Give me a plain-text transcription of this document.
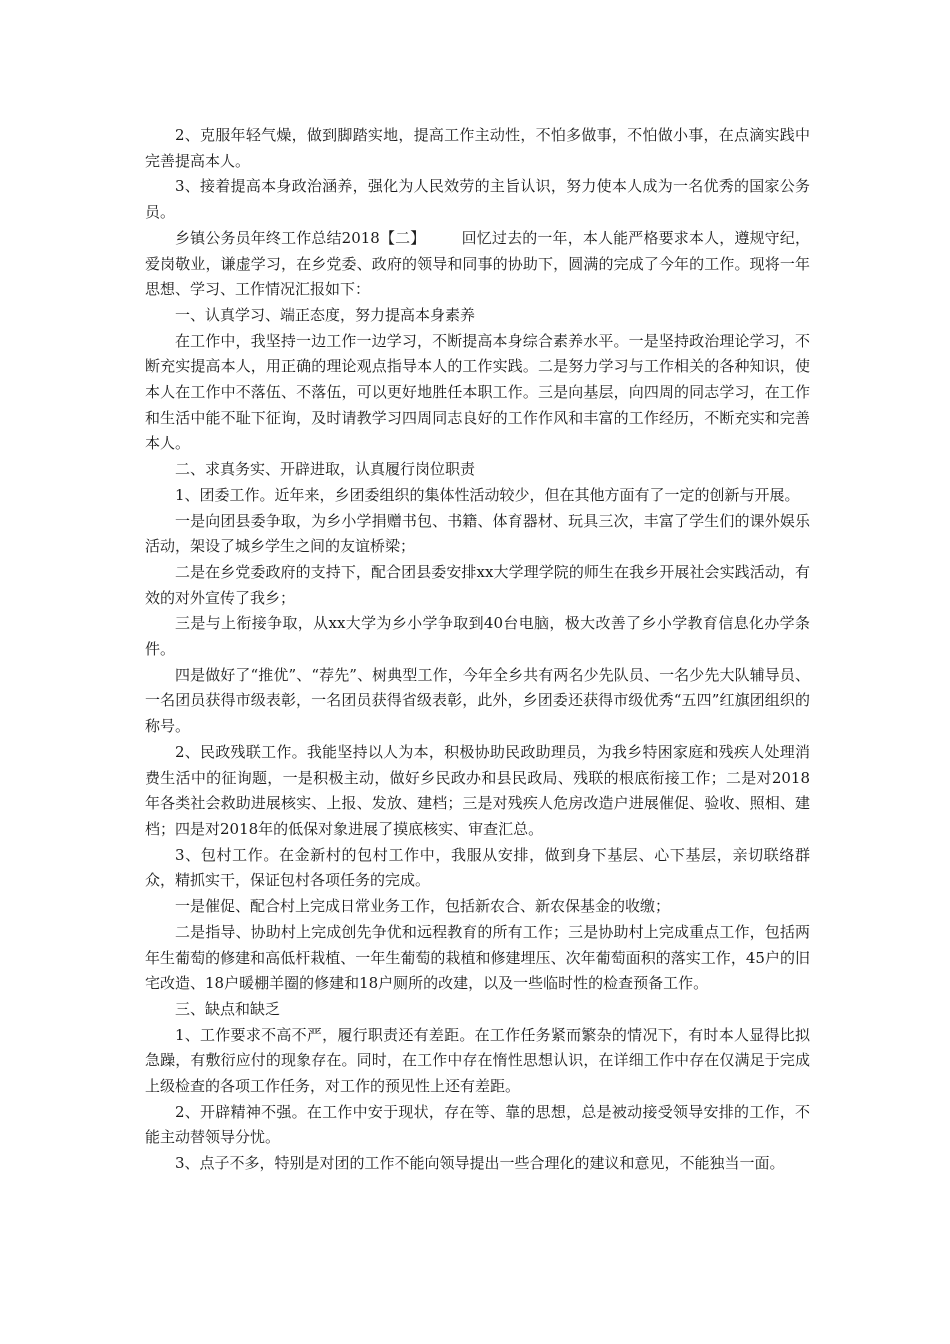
2、克服年轻气燥，做到脚踏实地，提高工作主动性，不怕多做事，不怕做小事，在点滴实践中完善提高本人。

3、接着提高本身政治涵养，强化为人民效劳的主旨认识，努力使本人成为一名优秀的国家公务员。

乡镇公务员年终工作总结2018【二】 回忆过去的一年，本人能严格要求本人，遵规守纪，爱岗敬业，谦虚学习，在乡党委、政府的领导和同事的协助下，圆满的完成了今年的工作。现将一年思想、学习、工作情况汇报如下：

一、认真学习、端正态度，努力提高本身素养

在工作中，我坚持一边工作一边学习，不断提高本身综合素养水平。一是坚持政治理论学习，不断充实提高本人，用正确的理论观点指导本人的工作实践。二是努力学习与工作相关的各种知识，使本人在工作中不落伍、不落伍，可以更好地胜任本职工作。三是向基层，向四周的同志学习，在工作和生活中能不耻下征询，及时请教学习四周同志良好的工作作风和丰富的工作经历，不断充实和完善本人。

二、求真务实、开辟进取，认真履行岗位职责

1、团委工作。近年来，乡团委组织的集体性活动较少，但在其他方面有了一定的创新与开展。

一是向团县委争取，为乡小学捐赠书包、书籍、体育器材、玩具三次，丰富了学生们的课外娱乐活动，架设了城乡学生之间的友谊桥梁；

二是在乡党委政府的支持下，配合团县委安排xx大学理学院的师生在我乡开展社会实践活动，有效的对外宣传了我乡；

三是与上衔接争取，从xx大学为乡小学争取到40台电脑，极大改善了乡小学教育信息化办学条件。

四是做好了“推优”、“荐先”、树典型工作，今年全乡共有两名少先队员、一名少先大队辅导员、一名团员获得市级表彰，一名团员获得省级表彰，此外，乡团委还获得市级优秀“五四”红旗团组织的称号。

2、民政残联工作。我能坚持以人为本，积极协助民政助理员，为我乡特困家庭和残疾人处理消费生活中的征询题，一是积极主动，做好乡民政办和县民政局、残联的根底衔接工作；二是对2018年各类社会救助进展核实、上报、发放、建档；三是对残疾人危房改造户进展催促、验收、照相、建档；四是对2018年的低保对象进展了摸底核实、审查汇总。

3、包村工作。在金新村的包村工作中，我服从安排，做到身下基层、心下基层，亲切联络群众，精抓实干，保证包村各项任务的完成。

一是催促、配合村上完成日常业务工作，包括新农合、新农保基金的收缴；

二是指导、协助村上完成创先争优和远程教育的所有工作；三是协助村上完成重点工作，包括两年生葡萄的修建和高低杆栽植、一年生葡萄的栽植和修建埋压、次年葡萄面积的落实工作，45户的旧宅改造、18户暖棚羊圈的修建和18户厕所的改建，以及一些临时性的检查预备工作。

三、缺点和缺乏

1、工作要求不高不严，履行职责还有差距。在工作任务紧而繁杂的情况下，有时本人显得比拟急躁，有敷衍应付的现象存在。同时，在工作中存在惰性思想认识，在详细工作中存在仅满足于完成上级检查的各项工作任务，对工作的预见性上还有差距。

2、开辟精神不强。在工作中安于现状，存在等、靠的思想，总是被动接受领导安排的工作，不能主动替领导分忧。

3、点子不多，特别是对团的工作不能向领导提出一些合理化的建议和意见，不能独当一面。
